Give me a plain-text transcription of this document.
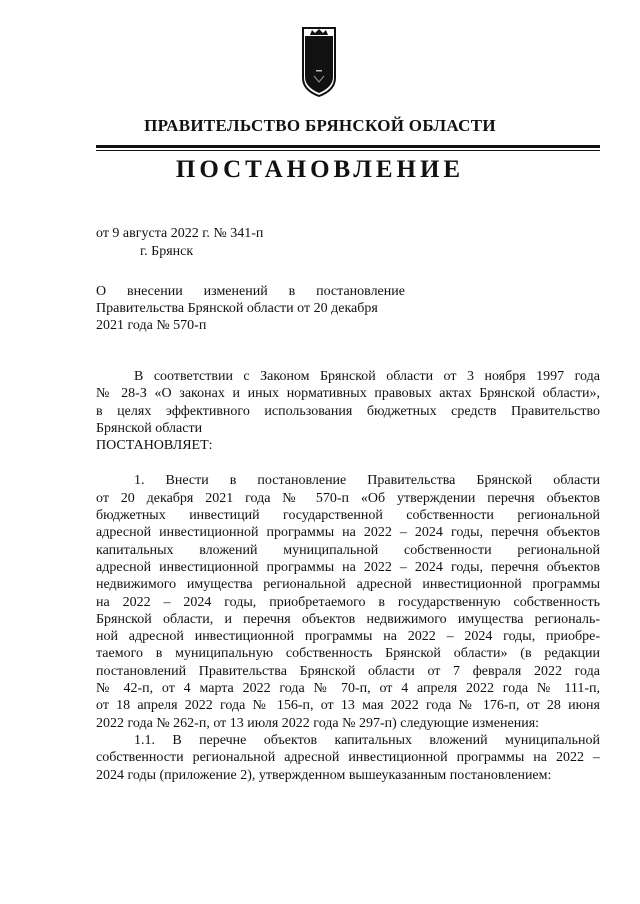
ПРАВИТЕЛЬСТВО БРЯНСКОЙ ОБЛАСТИ
ПОСТАНОВЛЕНИЕ
от 9 августа 2022 г. № 341-п
г. Брянск
О внесении изменений в постановление
Правительства Брянской области от 20 декабря
2021 года № 570-п

В соответствии с Законом Брянской области от 3 ноября 1997 года
№ 28-З «О законах и иных нормативных правовых актах Брянской области»,
в целях эффективного использования бюджетных средств Правительство
Брянской области

ПОСТАНОВЛЯЕТ:

1. Внести в постановление Правительства Брянской области
от 20 декабря 2021 года № 570-п «Об утверждении перечня объектов
бюджетных инвестиций государственной собственности региональной
адресной инвестиционной программы на 2022 – 2024 годы, перечня объектов
капитальных вложений муниципальной собственности региональной
адресной инвестиционной программы на 2022 – 2024 годы, перечня объектов
недвижимого имущества региональной адресной инвестиционной программы
на 2022 – 2024 годы, приобретаемого в государственную собственность
Брянской области, и перечня объектов недвижимого имущества региональ-
ной адресной инвестиционной программы на 2022 – 2024 годы, приобре-
таемого в муниципальную собственность Брянской области» (в редакции
постановлений Правительства Брянской области от 7 февраля 2022 года
№ 42-п, от 4 марта 2022 года № 70-п, от 4 апреля 2022 года № 111-п,
от 18 апреля 2022 года № 156-п, от 13 мая 2022 года № 176-п, от 28 июня
2022 года № 262-п, от 13 июля 2022 года № 297-п) следующие изменения:

1.1. В перечне объектов капитальных вложений муниципальной
собственности региональной адресной инвестиционной программы на 2022 –
2024 годы (приложение 2), утвержденном вышеуказанным постановлением:
